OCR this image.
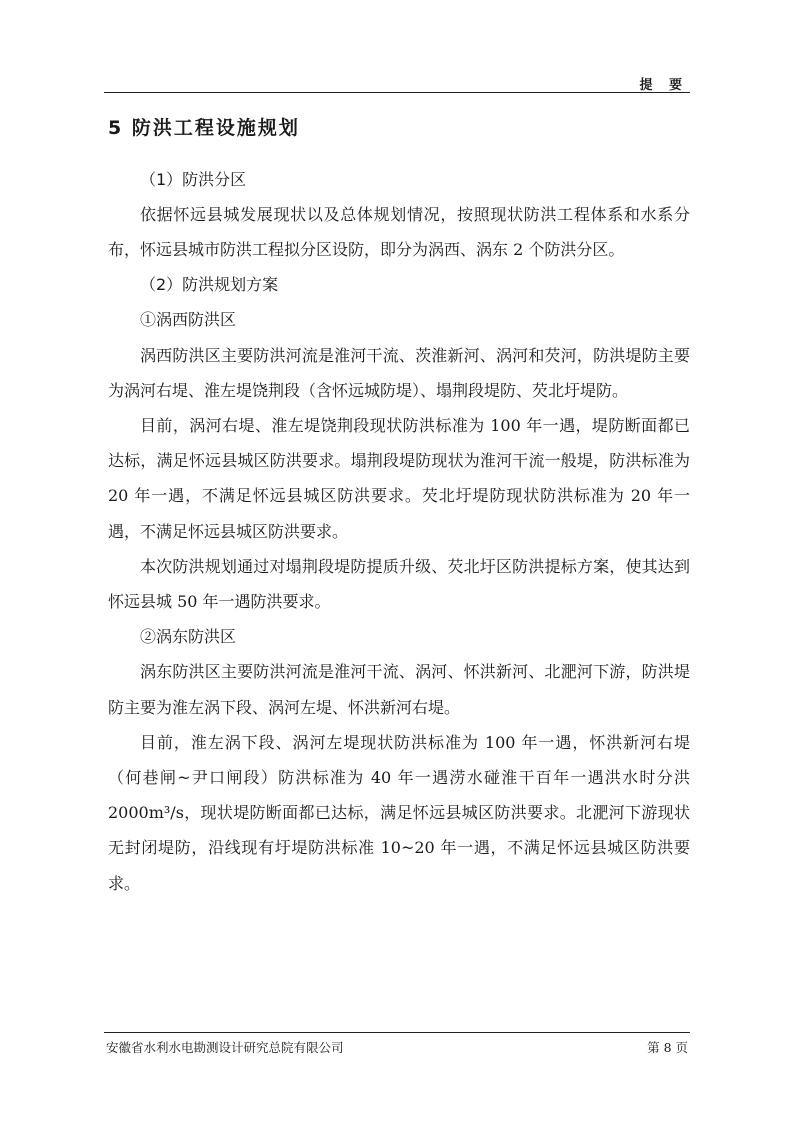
提 要
5 防洪工程设施规划

（1）防洪分区

依据怀远县城发展现状以及总体规划情况，按照现状防洪工程体系和水系分布，怀远县城市防洪工程拟分区设防，即分为涡西、涡东 2 个防洪分区。

（2）防洪规划方案

①涡西防洪区

涡西防洪区主要防洪河流是淮河干流、茨淮新河、涡河和芡河，防洪堤防主要为涡河右堤、淮左堤饶荆段（含怀远城防堤）、塌荆段堤防、芡北圩堤防。

目前，涡河右堤、淮左堤饶荆段现状防洪标准为 100 年一遇，堤防断面都已达标，满足怀远县城区防洪要求。塌荆段堤防现状为淮河干流一般堤，防洪标准为 20 年一遇，不满足怀远县城区防洪要求。芡北圩堤防现状防洪标准为 20 年一遇，不满足怀远县城区防洪要求。

本次防洪规划通过对塌荆段堤防提质升级、芡北圩区防洪提标方案，使其达到怀远县城 50 年一遇防洪要求。

②涡东防洪区

涡东防洪区主要防洪河流是淮河干流、涡河、怀洪新河、北淝河下游，防洪堤防主要为淮左涡下段、涡河左堤、怀洪新河右堤。

目前，淮左涡下段、涡河左堤现状防洪标准为 100 年一遇，怀洪新河右堤（何巷闸~尹口闸段）防洪标准为 40 年一遇涝水碰淮干百年一遇洪水时分洪 2000m³/s，现状堤防断面都已达标，满足怀远县城区防洪要求。北淝河下游现状无封闭堤防，沿线现有圩堤防洪标准 10~20 年一遇，不满足怀远县城区防洪要求。

安徽省水利水电勘测设计研究总院有限公司	第 8 页
